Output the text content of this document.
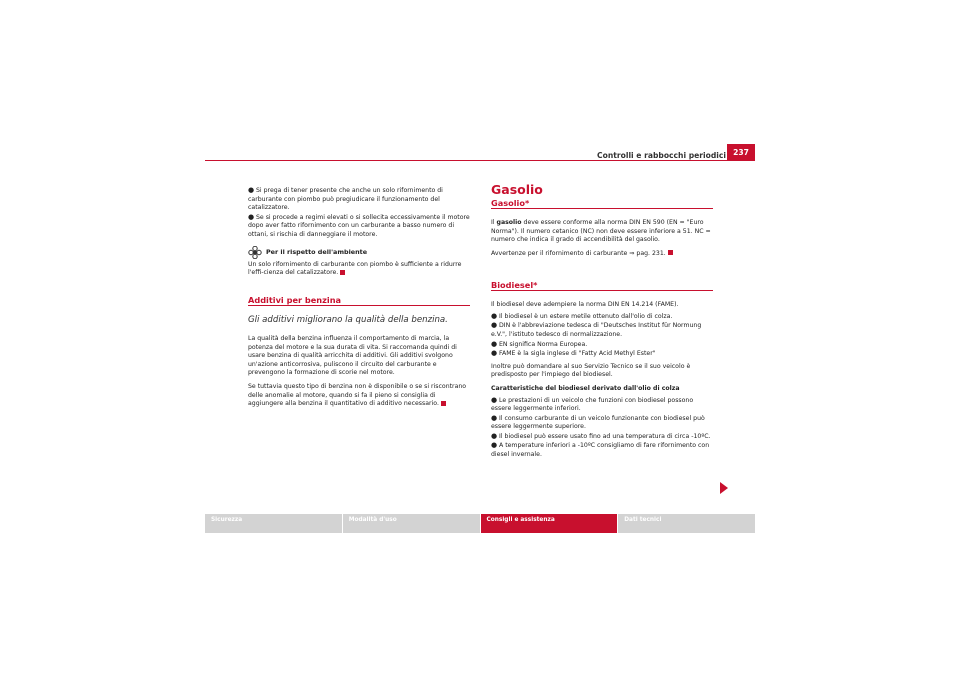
Controlli e rabbocchi periodici 237

● Si prega di tener presente che anche un solo rifornimento di carburante con piombo può pregiudicare il funzionamento del catalizzatore.

● Se si procede a regimi elevati o si sollecita eccessivamente il motore dopo aver fatto rifornimento con un carburante a basso numero di ottani, si rischia di danneggiare il motore.

Per il rispetto dell'ambiente

Un solo rifornimento di carburante con piombo è sufficiente a ridurre l'effi-cienza del catalizzatore.

Additivi per benzina
Gli additivi migliorano la qualità della benzina.

La qualità della benzina influenza il comportamento di marcia, la potenza del motore e la sua durata di vita. Si raccomanda quindi di usare benzina di qualità arricchita di additivi. Gli additivi svolgono un'azione anticorrosiva, puliscono il circuito del carburante e prevengono la formazione di scorie nel motore.

Se tuttavia questo tipo di benzina non è disponibile o se si riscontrano delle anomalie al motore, quando si fa il pieno si consiglia di aggiungere alla benzina il quantitativo di additivo necessario.

Gasolio
Gasolio*

Il gasolio deve essere conforme alla norma DIN EN 590 (EN = "Euro Norma"). Il numero cetanico (NC) non deve essere inferiore a 51. NC = numero che indica il grado di accendibilità del gasolio.

Avvertenze per il rifornimento di carburante ⇒ pag. 231.

Biodiesel*

Il biodiesel deve adempiere la norma DIN EN 14.214 (FAME).

● Il biodiesel è un estere metile ottenuto dall'olio di colza.

● DIN è l'abbreviazione tedesca di "Deutsches Institut für Normung e.V.", l'istituto tedesco di normalizzazione.

● EN significa Norma Europea.

● FAME è la sigla inglese di "Fatty Acid Methyl Ester"

Inoltre può domandare al suo Servizio Tecnico se il suo veicolo è predisposto per l'impiego del biodiesel.

Caratteristiche del biodiesel derivato dall'olio di colza

● Le prestazioni di un veicolo che funzioni con biodiesel possono essere leggermente inferiori.

● Il consumo carburante di un veicolo funzionante con biodiesel può essere leggermente superiore.

● Il biodiesel può essere usato fino ad una temperatura di circa -10ºC.

● A temperature inferiori a -10ºC consigliamo di fare rifornimento con diesel invernale.

Sicurezza	Modalità d'uso	Consigli e assistenza	Dati tecnici
